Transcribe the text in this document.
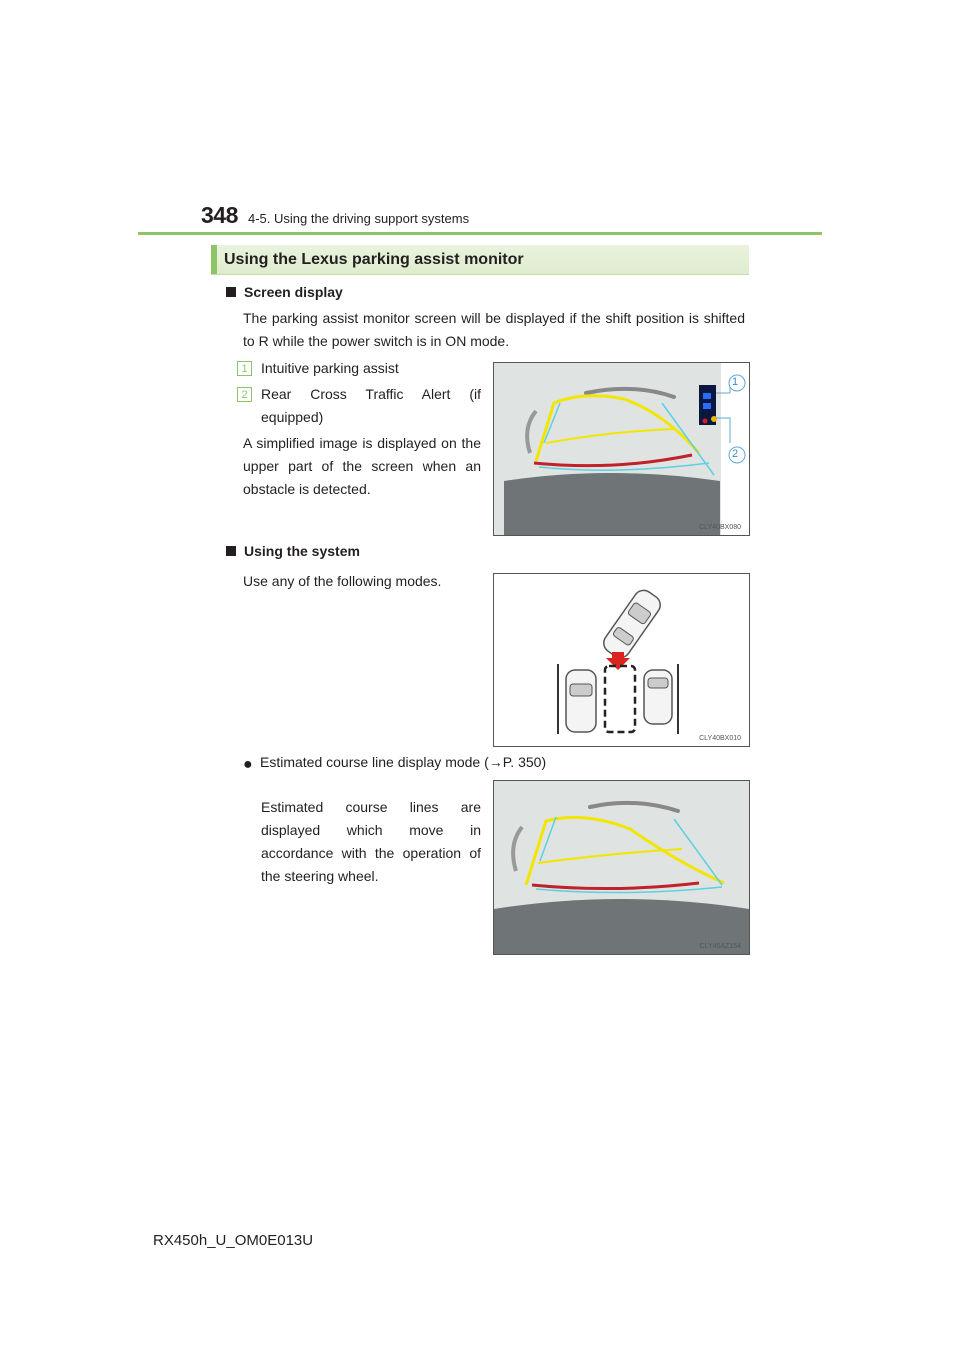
348 4-5. Using the driving support systems
Using the Lexus parking assist monitor
Screen display
The parking assist monitor screen will be displayed if the shift position is shifted to R while the power switch is in ON mode.
1 Intuitive parking assist
2 Rear Cross Traffic Alert (if equipped)
A simplified image is displayed on the upper part of the screen when an obstacle is detected.
1
2
CLY40BX080
Using the system
Use any of the following modes.
CLY40BX010
● Estimated course line display mode (→P. 350)
Estimated course lines are displayed which move in accordance with the operation of the steering wheel.
CLY45AZ154
RX450h_U_OM0E013U
